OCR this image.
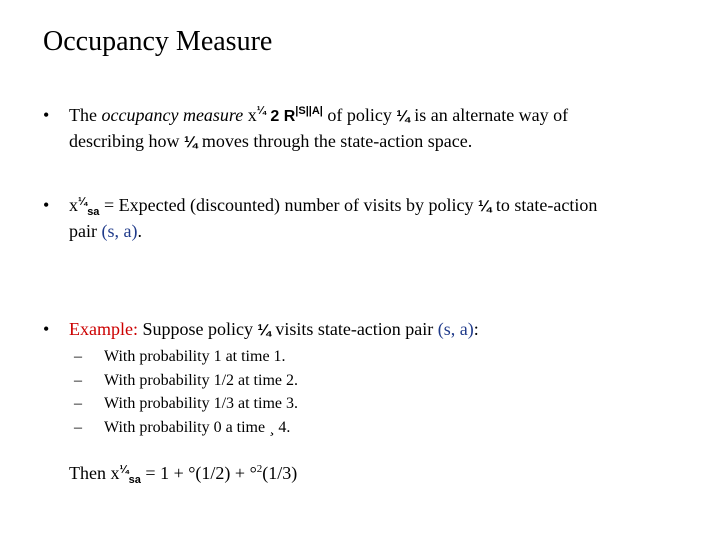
Occupancy Measure
• The occupancy measure $x^{\frac{1}{4}}$ 2 $R^{|S||A|}$ of policy ¼ is an alternate way of
describing how ¼ moves through the state-action space.
• $x^{\frac{1}{4}}_{sa}$ = Expected (discounted) number of visits by policy ¼ to state-action
pair (s, a).
• Example: Suppose policy ¼ visits state-action pair (s, a):
– With probability 1 at time 1.
– With probability 1/2 at time 2.
– With probability 1/3 at time 3.
– With probability 0 a time ¸ 4.
Then $x^{\frac{1}{4}}_{sa} = 1 + ^\circ(1/2) + ^\circ^2(1/3)$
